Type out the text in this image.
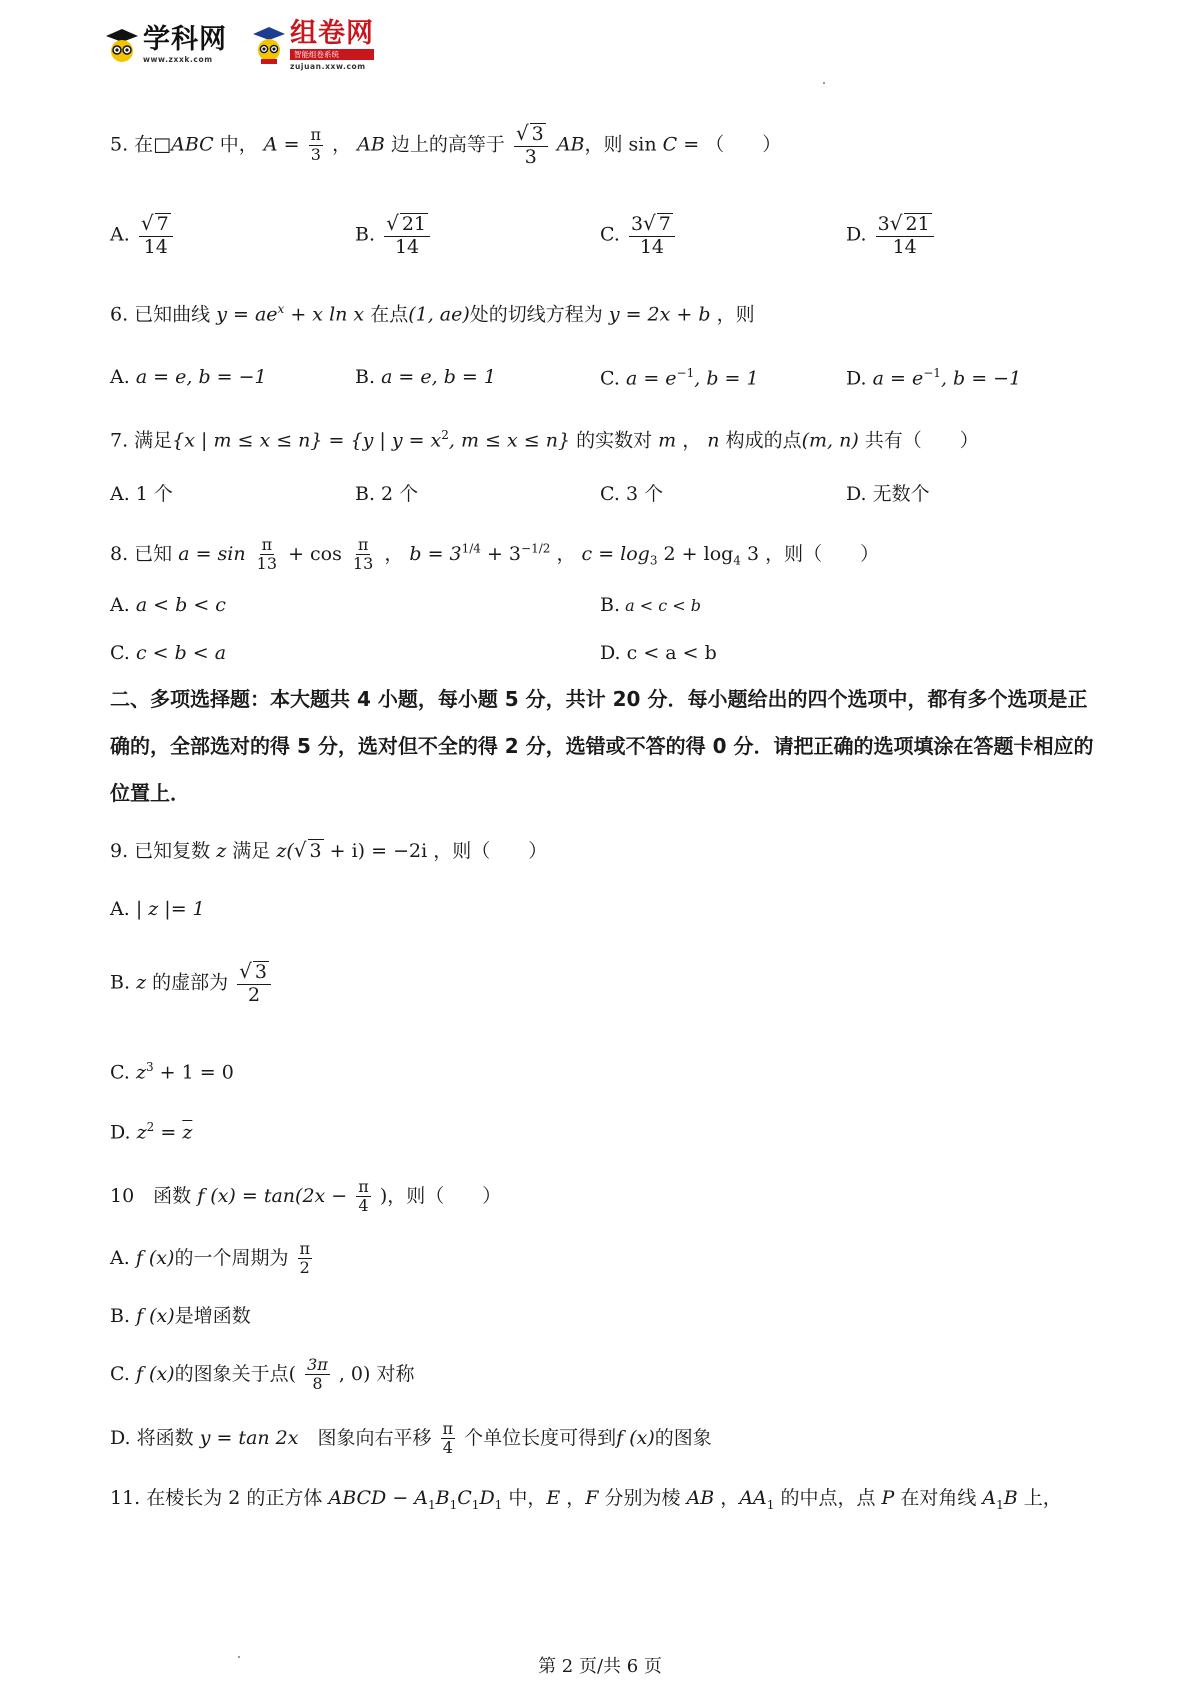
学科网
www.zxxk.com
组卷网
智能组卷系统
zujuan.xxw.com
5. 在□ABC 中， $A = \frac{\pi}{3}$ ， AB 边上的高等于 $\frac{√ 3}{3}$ AB，则 sin C = （　　）
A. $\frac{√ 7}{14}$	B. $\frac{√ 21}{14}$	C. $\frac{3√ 7}{14}$	D. $\frac{3√ 21}{14}$
6. 已知曲线 $y = ae^x + x$ ln x 在点(1, ae)处的切线方程为 y = 2x + b ，则
A. a = e, b = −1	B. a = e, b = 1	C. $a = e^{-1}$, b = 1	D. $a = e^{-1}$, b = −1
7. 满足{x | m ≤ x ≤ n} = {y | $y = x^2$, m ≤ x ≤ n} 的实数对 m ， n 构成的点(m, n) 共有（　　）
A. 1 个	B. 2 个	C. 3 个	D. 无数个
8. 已知 $a = \sin \frac{\pi}{13} + \cos \frac{\pi}{13}$ ， $b = 3^{1/4} + 3^{-1/2}$ ， $c = \log_3 2 + \log_4 3$ ，则（　　）
A. a < b < c	B. a < c < b
C. c < b < a	D. c < a < b
二、多项选择题：本大题共 4 小题，每小题 5 分，共计 20 分．每小题给出的四个选项中，都有多个选项是正确的，全部选对的得 5 分，选对但不全的得 2 分，选错或不答的得 0 分．请把正确的选项填涂在答题卡相应的位置上．
9. 已知复数 z 满足 z(√ 3 + i) = −2i ，则（　　）
A. | z |= 1
B. z 的虚部为 $\frac{√ 3}{2}$
C. $z^3 + 1 = 0$
D. $z^2 = \overline{z}$
10　函数 f $(x) = \tan(2x - \frac{\pi}{4}$ )，则（　　）
A. f (x)的一个周期为 $\frac{\pi}{2}$
B. f (x)是增函数
C. f (x)的图象关于点( $\frac{3\pi}{8}$ , 0) 对称
D. 将函数 y = tan 2x　图象向右平移 $\frac{\pi}{4}$ 个单位长度可得到f (x)的图象
11. 在棱长为 2 的正方体 ABCD − $A_1B_1C_1D_1$ 中，E ，F 分别为棱 AB ，$AA_1$ 的中点，点 P 在对角线 $A_1B$ 上，
第 2 页/共 6 页
